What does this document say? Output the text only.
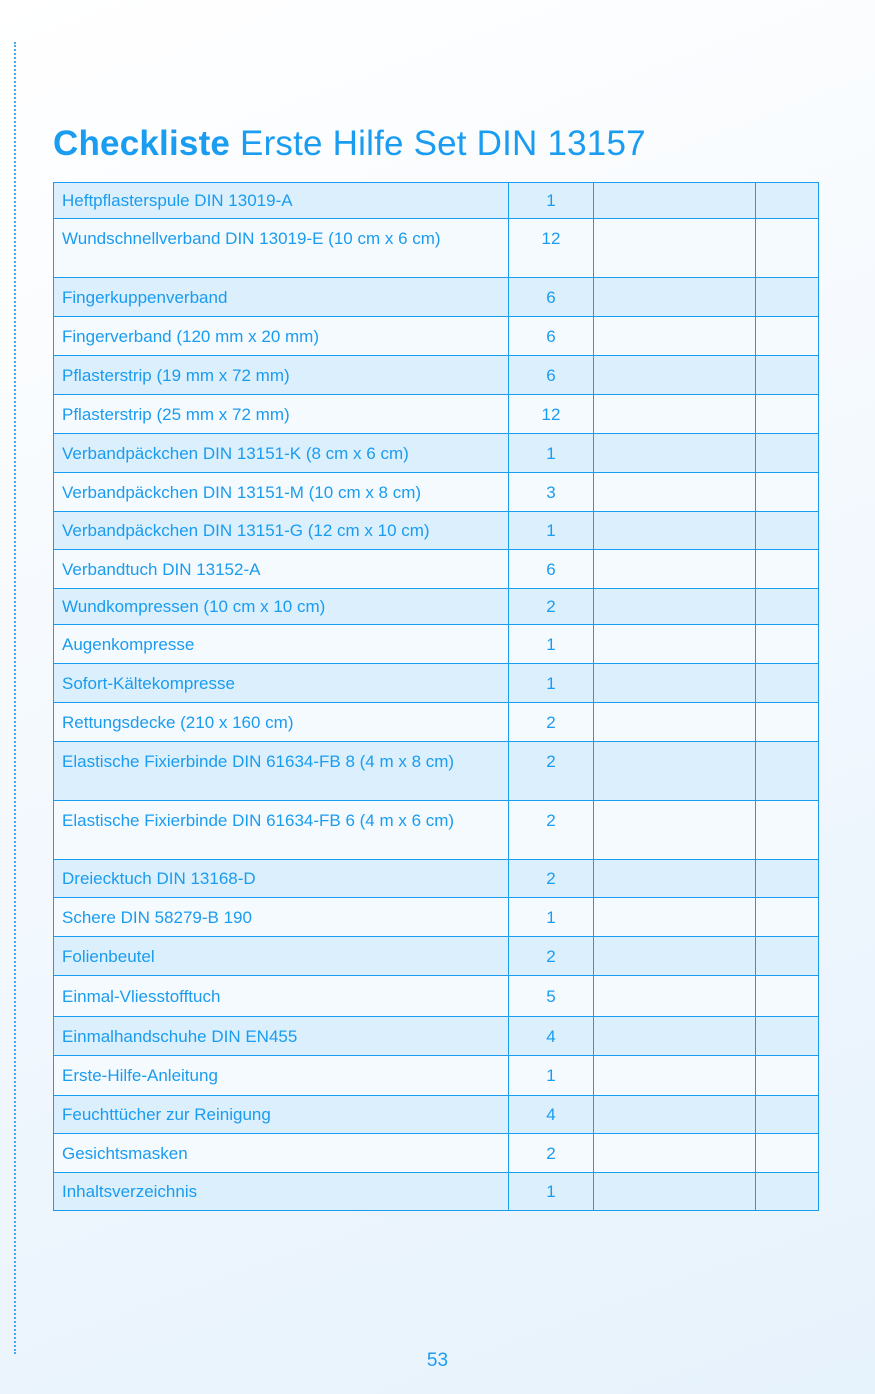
Checkliste Erste Hilfe Set DIN 13157
Heftpflasterspule DIN 13019-A	1		
Wundschnellverband DIN 13019-E (10 cm x 6 cm)	12		
Fingerkuppenverband	6		
Fingerverband (120 mm x 20 mm)	6		
Pflasterstrip (19 mm x 72 mm)	6		
Pflasterstrip (25 mm x 72 mm)	12		
Verbandpäckchen DIN 13151-K (8 cm x 6 cm)	1		
Verbandpäckchen DIN 13151-M (10 cm x 8 cm)	3		
Verbandpäckchen DIN 13151-G (12 cm x 10 cm)	1		
Verbandtuch DIN 13152-A	6		
Wundkompressen (10 cm x 10 cm)	2		
Augenkompresse	1		
Sofort-Kältekompresse	1		
Rettungsdecke (210 x 160 cm)	2		
Elastische Fixierbinde DIN 61634-FB 8 (4 m x 8 cm)	2		
Elastische Fixierbinde DIN 61634-FB 6 (4 m x 6 cm)	2		
Dreiecktuch DIN 13168-D	2		
Schere DIN 58279-B 190	1		
Folienbeutel	2		
Einmal-Vliesstofftuch	5		
Einmalhandschuhe DIN EN455	4		
Erste-Hilfe-Anleitung	1		
Feuchttücher zur Reinigung	4		
Gesichtsmasken	2		
Inhaltsverzeichnis	1		
53
